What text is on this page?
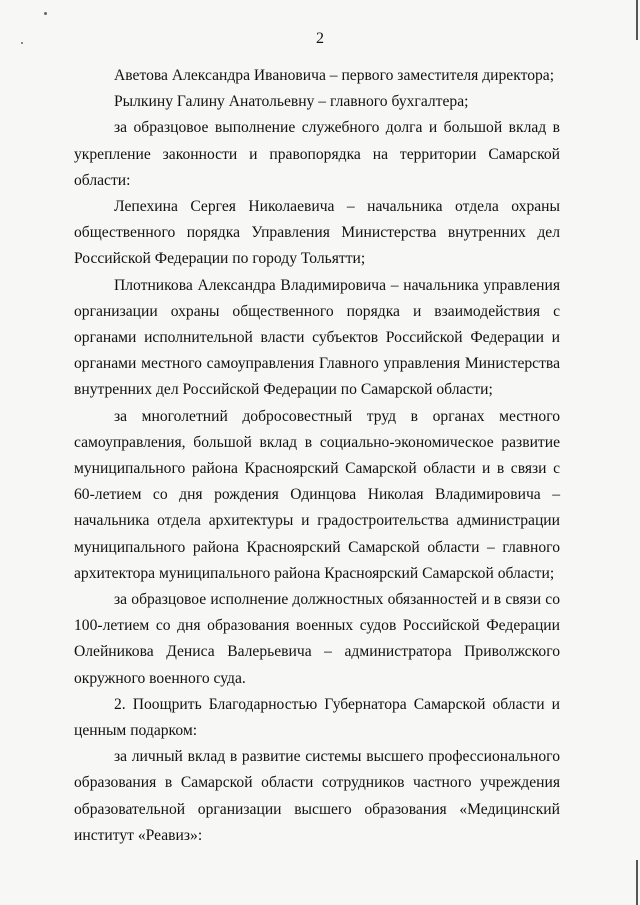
2

Аветова Александра Ивановича – первого заместителя директора;

Рылкину Галину Анатольевну – главного бухгалтера;

за образцовое выполнение служебного долга и большой вклад в укрепление законности и правопорядка на территории Самарской области:

Лепехина Сергея Николаевича – начальника отдела охраны общественного порядка Управления Министерства внутренних дел Российской Федерации по городу Тольятти;

Плотникова Александра Владимировича – начальника управления организации охраны общественного порядка и взаимодействия с органами исполнительной власти субъектов Российской Федерации и органами местного самоуправления Главного управления Министерства внутренних дел Российской Федерации по Самарской области;

за многолетний добросовестный труд в органах местного самоуправления, большой вклад в социально-экономическое развитие муниципального района Красноярский Самарской области и в связи с 60-летием со дня рождения Одинцова Николая Владимировича – начальника отдела архитектуры и градостроительства администрации муниципального района Красноярский Самарской области – главного архитектора муниципального района Красноярский Самарской области;

за образцовое исполнение должностных обязанностей и в связи со 100-летием со дня образования военных судов Российской Федерации Олейникова Дениса Валерьевича – администратора Приволжского окружного военного суда.

2. Поощрить Благодарностью Губернатора Самарской области и ценным подарком:

за личный вклад в развитие системы высшего профессионального образования в Самарской области сотрудников частного учреждения образовательной организации высшего образования «Медицинский институт «Реавиз»:
